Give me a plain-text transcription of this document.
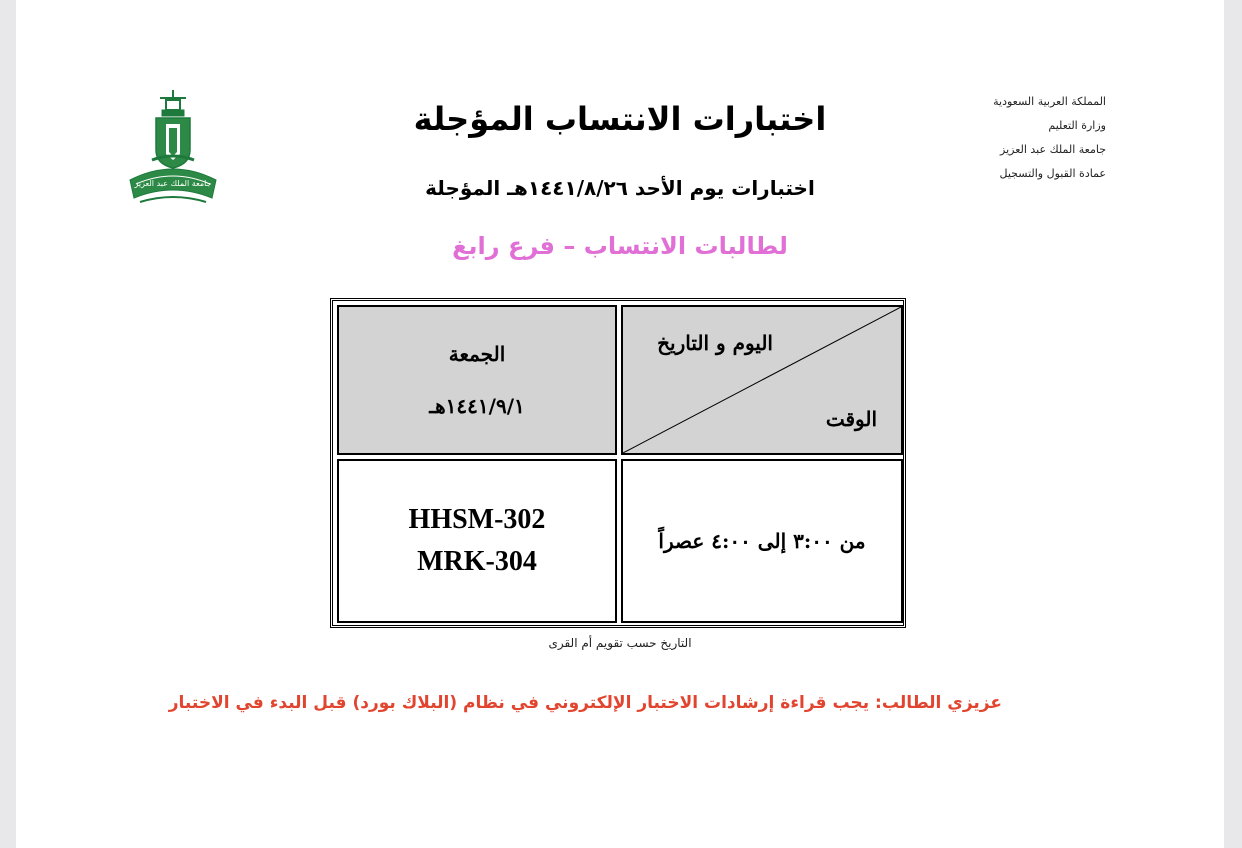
المملكة العربية السعودية
وزارة التعليم
جامعة الملك عبد العزيز
عمادة القبول والتسجيل
جامعة الملك عبد العزيز
اختبارات الانتساب المؤجلة
اختبارات يوم الأحد ١٤٤١/٨/٢٦هـ المؤجلة
لطالبات الانتساب – فرع رابغ
الجمعة
١٤٤١/٩/١هـ
اليوم و التاريخ
الوقت
HHSM-302
MRK-304
من ٣:٠٠ إلى ٤:٠٠ عصراً
التاريخ حسب تقويم أم القرى
عزيزي الطالب: يجب قراءة إرشادات الاختبار الإلكتروني في نظام (البلاك بورد) قبل البدء في الاختبار
